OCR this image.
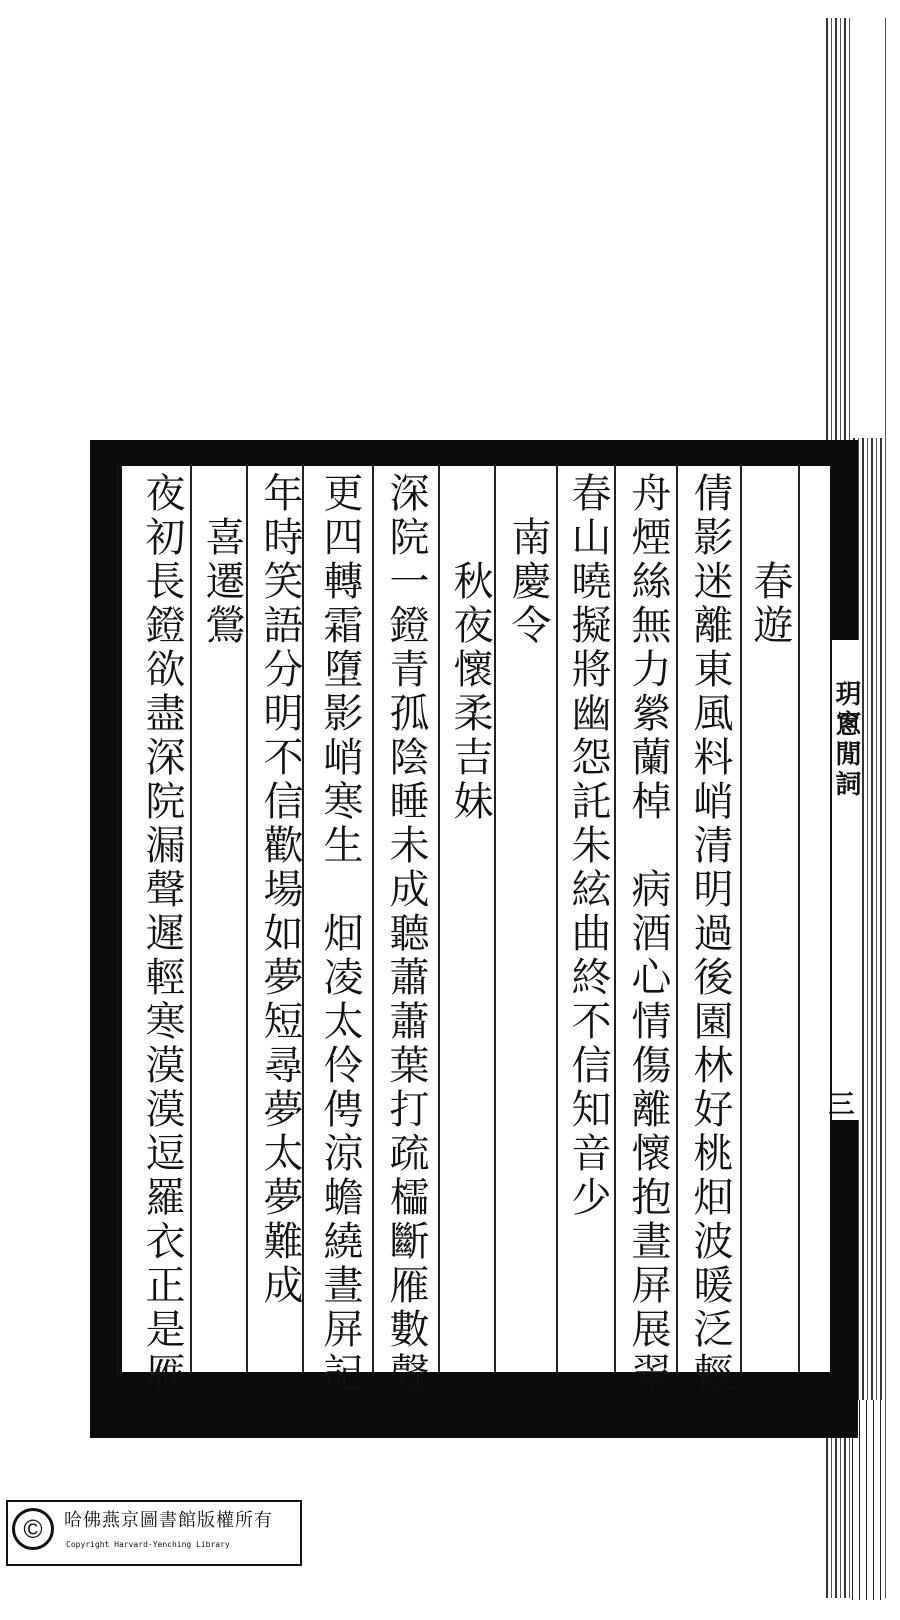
玥窻閒詞
三
　　春遊
倩影迷離東風料峭清明過後園林好桃𤇆波暖泛輕
舟煙絲無力縈蘭棹　病酒心情傷離懷抱晝屏展翠
春山曉擬將幽怨託朱絃曲終不信知音少
　南慶令
　　秋夜懷柔吉妹
深院一鐙青孤陰睡未成聽蕭蕭葉打疏櫺斷雁數聲
更四轉霜墮影峭寒生　𤇆凌太伶俜涼蟾繞晝屏記
年時笑語分明不信歡場如夢短尋夢太夢難成
　喜遷鶯
夜初長鐙欲盡深院漏聲遲輕寒漠漠逗羅衣正是雁
©	哈佛燕京圖書館版權所有
Copyright Harvard-Yenching Library
